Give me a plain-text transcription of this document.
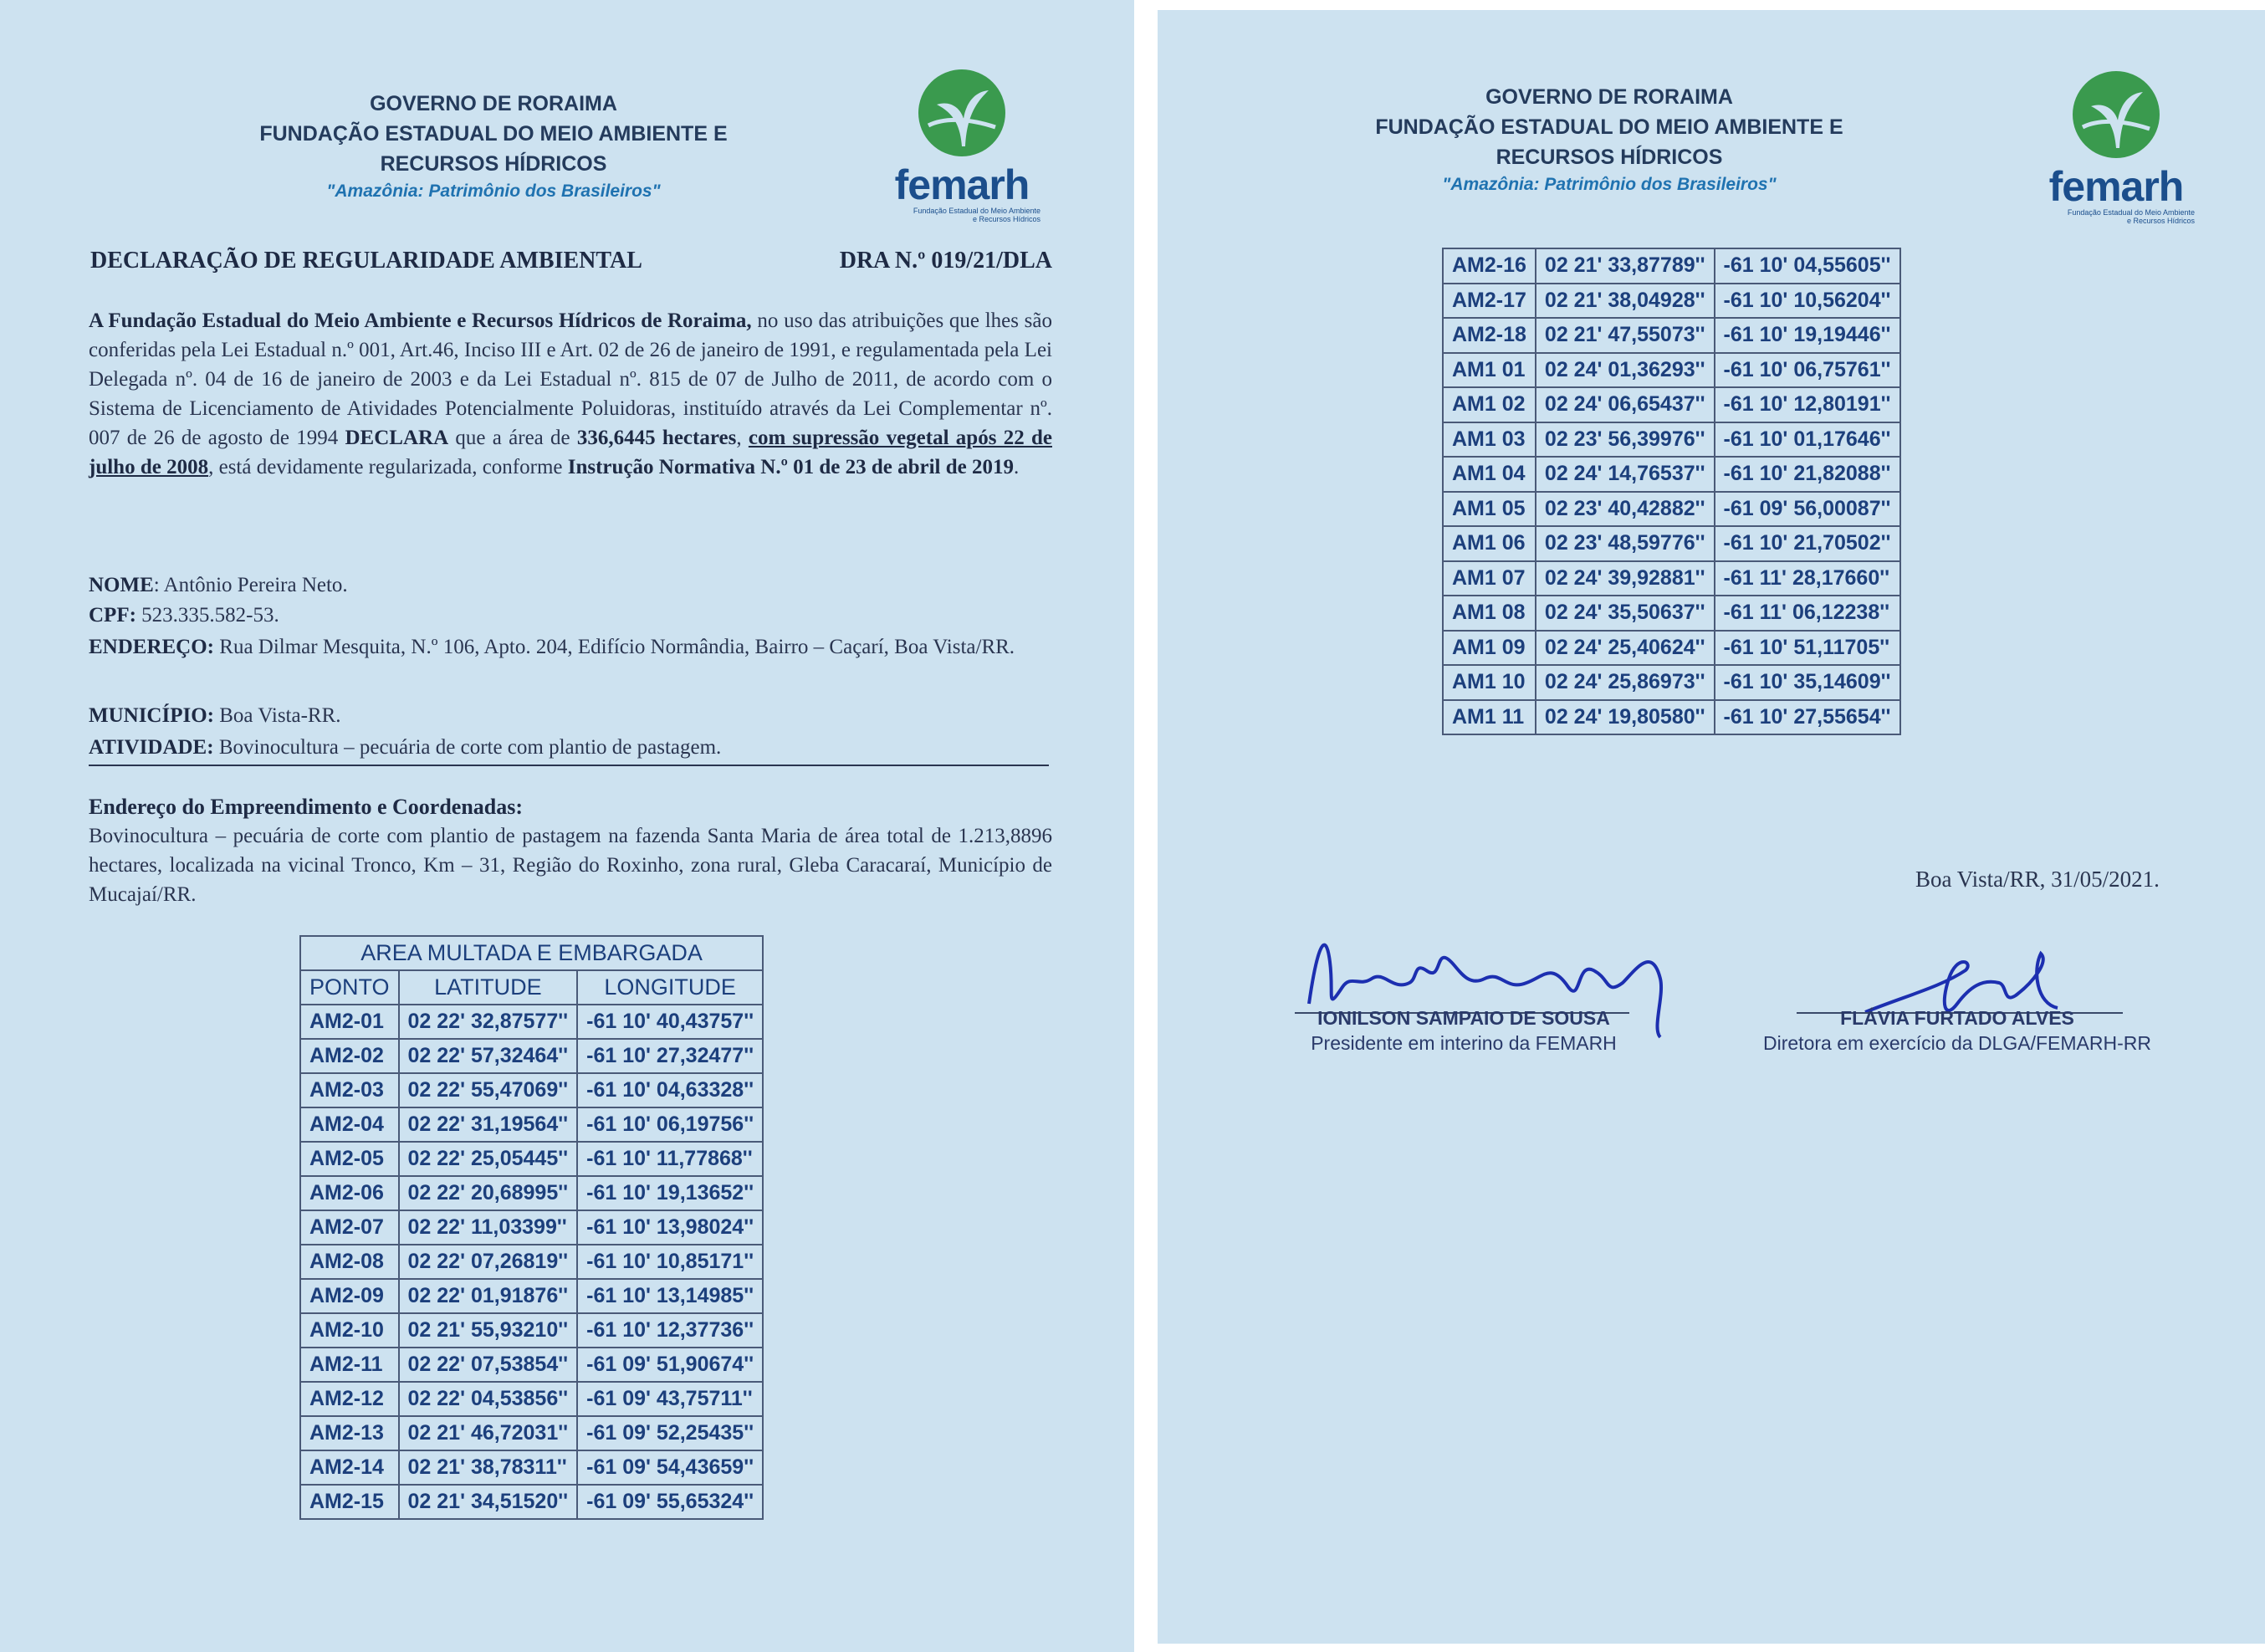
GOVERNO DE RORAIMA
FUNDAÇÃO ESTADUAL DO MEIO AMBIENTE E
RECURSOS HÍDRICOS
"Amazônia: Patrimônio dos Brasileiros"	femarh
Fundação Estadual do Meio Ambiente
e Recursos Hídricos
DECLARAÇÃO DE REGULARIDADE AMBIENTAL	DRA N.º 019/21/DLA
A Fundação Estadual do Meio Ambiente e Recursos Hídricos de Roraima, no uso das atribuições que lhes são conferidas pela Lei Estadual n.º 001, Art.46, Inciso III e Art. 02 de 26 de janeiro de 1991, e regulamentada pela Lei Delegada nº. 04 de 16 de janeiro de 2003 e da Lei Estadual nº. 815 de 07 de Julho de 2011, de acordo com o Sistema de Licenciamento de Atividades Potencialmente Poluidoras, instituído através da Lei Complementar nº. 007 de 26 de agosto de 1994 DECLARA que a área de 336,6445 hectares, com supressão vegetal após 22 de julho de 2008, está devidamente regularizada, conforme Instrução Normativa N.º 01 de 23 de abril de 2019.
NOME: Antônio Pereira Neto.
CPF: 523.335.582-53.
ENDEREÇO: Rua Dilmar Mesquita, N.º 106, Apto. 204, Edifício Normândia, Bairro – Caçarí, Boa Vista/RR.
MUNICÍPIO: Boa Vista-RR.
ATIVIDADE: Bovinocultura – pecuária de corte com plantio de pastagem.
Endereço do Empreendimento e Coordenadas:
Bovinocultura – pecuária de corte com plantio de pastagem na fazenda Santa Maria de área total de 1.213,8896 hectares, localizada na vicinal Tronco, Km – 31, Região do Roxinho, zona rural, Gleba Caracaraí, Município de Mucajaí/RR.
AREA MULTADA E EMBARGADA		
PONTO	LATITUDE	LONGITUDE
AM2-01	02 22' 32,87577''	-61 10' 40,43757''
AM2-02	02 22' 57,32464''	-61 10' 27,32477''
AM2-03	02 22' 55,47069''	-61 10' 04,63328''
AM2-04	02 22' 31,19564''	-61 10' 06,19756''
AM2-05	02 22' 25,05445''	-61 10' 11,77868''
AM2-06	02 22' 20,68995''	-61 10' 19,13652''
AM2-07	02 22' 11,03399''	-61 10' 13,98024''
AM2-08	02 22' 07,26819''	-61 10' 10,85171''
AM2-09	02 22' 01,91876''	-61 10' 13,14985''
AM2-10	02 21' 55,93210''	-61 10' 12,37736''
AM2-11	02 22' 07,53854''	-61 09' 51,90674''
AM2-12	02 22' 04,53856''	-61 09' 43,75711''
AM2-13	02 21' 46,72031''	-61 09' 52,25435''
AM2-14	02 21' 38,78311''	-61 09' 54,43659''
AM2-15	02 21' 34,51520''	-61 09' 55,65324''
GOVERNO DE RORAIMA
FUNDAÇÃO ESTADUAL DO MEIO AMBIENTE E
RECURSOS HÍDRICOS
"Amazônia: Patrimônio dos Brasileiros"	femarh
Fundação Estadual do Meio Ambiente
e Recursos Hídricos
AM2-16	02 21' 33,87789''	-61 10' 04,55605''
AM2-17	02 21' 38,04928''	-61 10' 10,56204''
AM2-18	02 21' 47,55073''	-61 10' 19,19446''
AM1 01	02 24' 01,36293''	-61 10' 06,75761''
AM1 02	02 24' 06,65437''	-61 10' 12,80191''
AM1 03	02 23' 56,39976''	-61 10' 01,17646''
AM1 04	02 24' 14,76537''	-61 10' 21,82088''
AM1 05	02 23' 40,42882''	-61 09' 56,00087''
AM1 06	02 23' 48,59776''	-61 10' 21,70502''
AM1 07	02 24' 39,92881''	-61 11' 28,17660''
AM1 08	02 24' 35,50637''	-61 11' 06,12238''
AM1 09	02 24' 25,40624''	-61 10' 51,11705''
AM1 10	02 24' 25,86973''	-61 10' 35,14609''
AM1 11	02 24' 19,80580''	-61 10' 27,55654''
Boa Vista/RR, 31/05/2021.
IONILSON SAMPAIO DE SOUSA
Presidente em interino da FEMARH
FLÁVIA FURTADO ALVES
Diretora em exercício da DLGA/FEMARH-RR
